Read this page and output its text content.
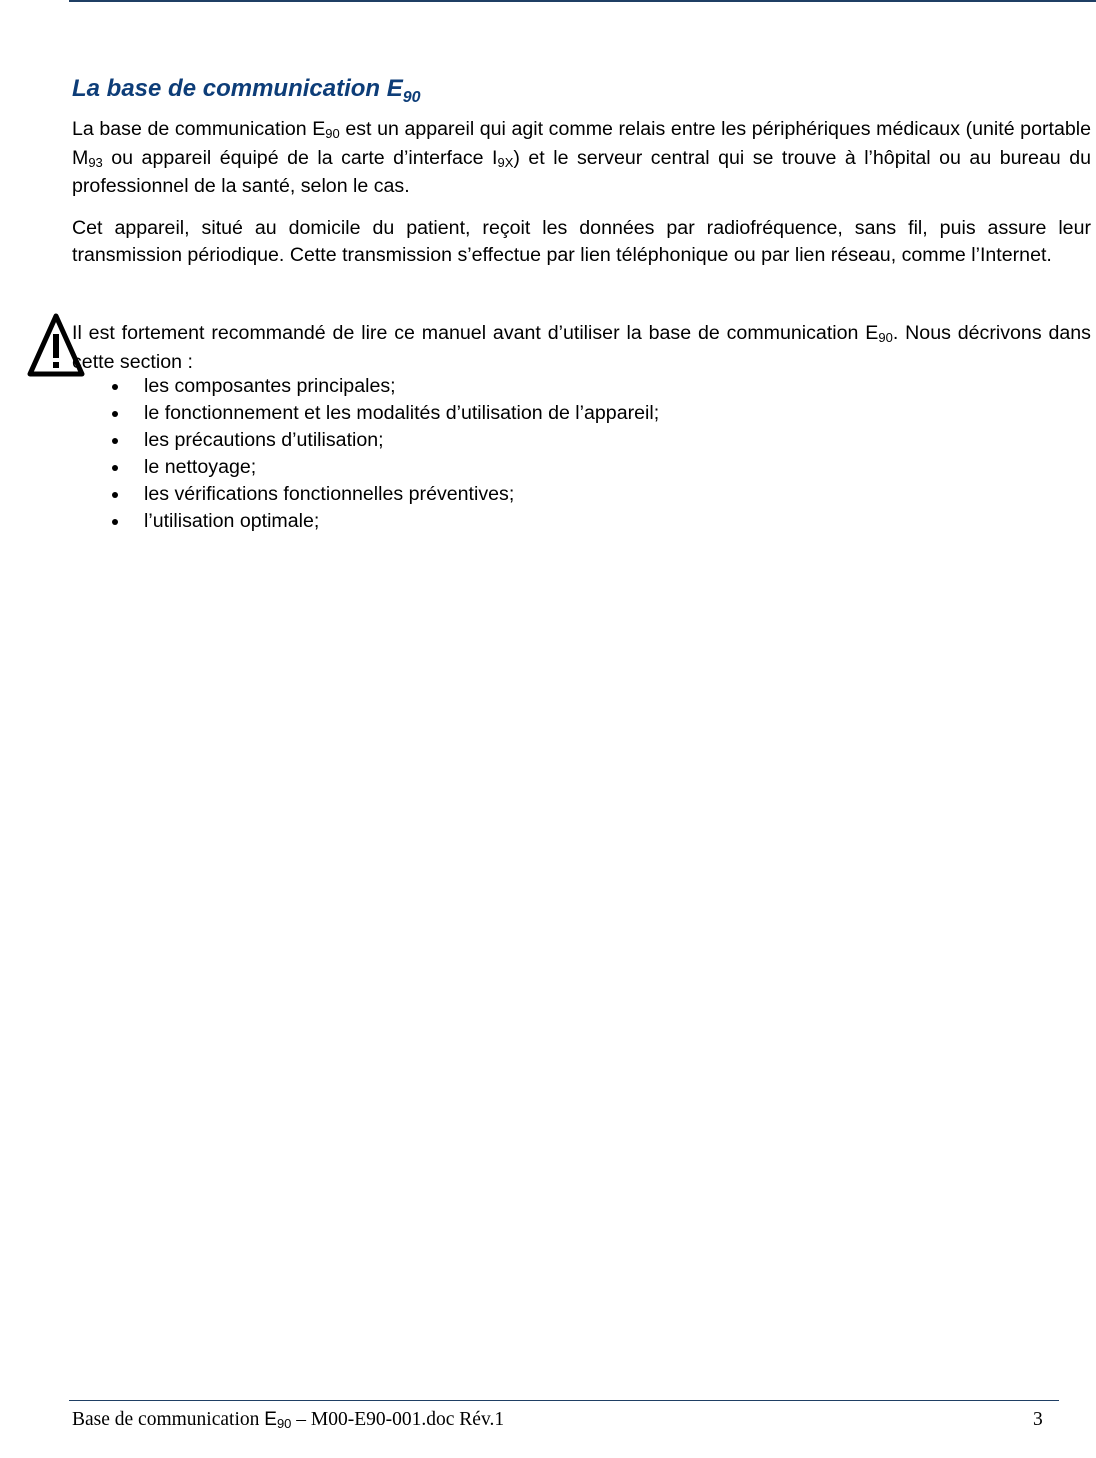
La base de communication $E_{90}$

La base de communication E90 est un appareil qui agit comme relais entre les périphériques médicaux (unité portable M93 ou appareil équipé de la carte d’interface I9X) et le serveur central qui se trouve à l’hôpital ou au bureau du professionnel de la santé, selon le cas.

Cet appareil, situé au domicile du patient, reçoit les données par radiofréquence, sans fil, puis assure leur transmission périodique. Cette transmission s’effectue par lien téléphonique ou par lien réseau, comme l’Internet.

Il est fortement recommandé de lire ce manuel avant d’utiliser la base de communication E90. Nous décrivons dans cette section :

les composantes principales;
le fonctionnement et les modalités d’utilisation de l’appareil;
les précautions d’utilisation;
le nettoyage;
les vérifications fonctionnelles préventives;
l’utilisation optimale;
Base de communication E90 – M00-E90-001.doc Rév.1	3
